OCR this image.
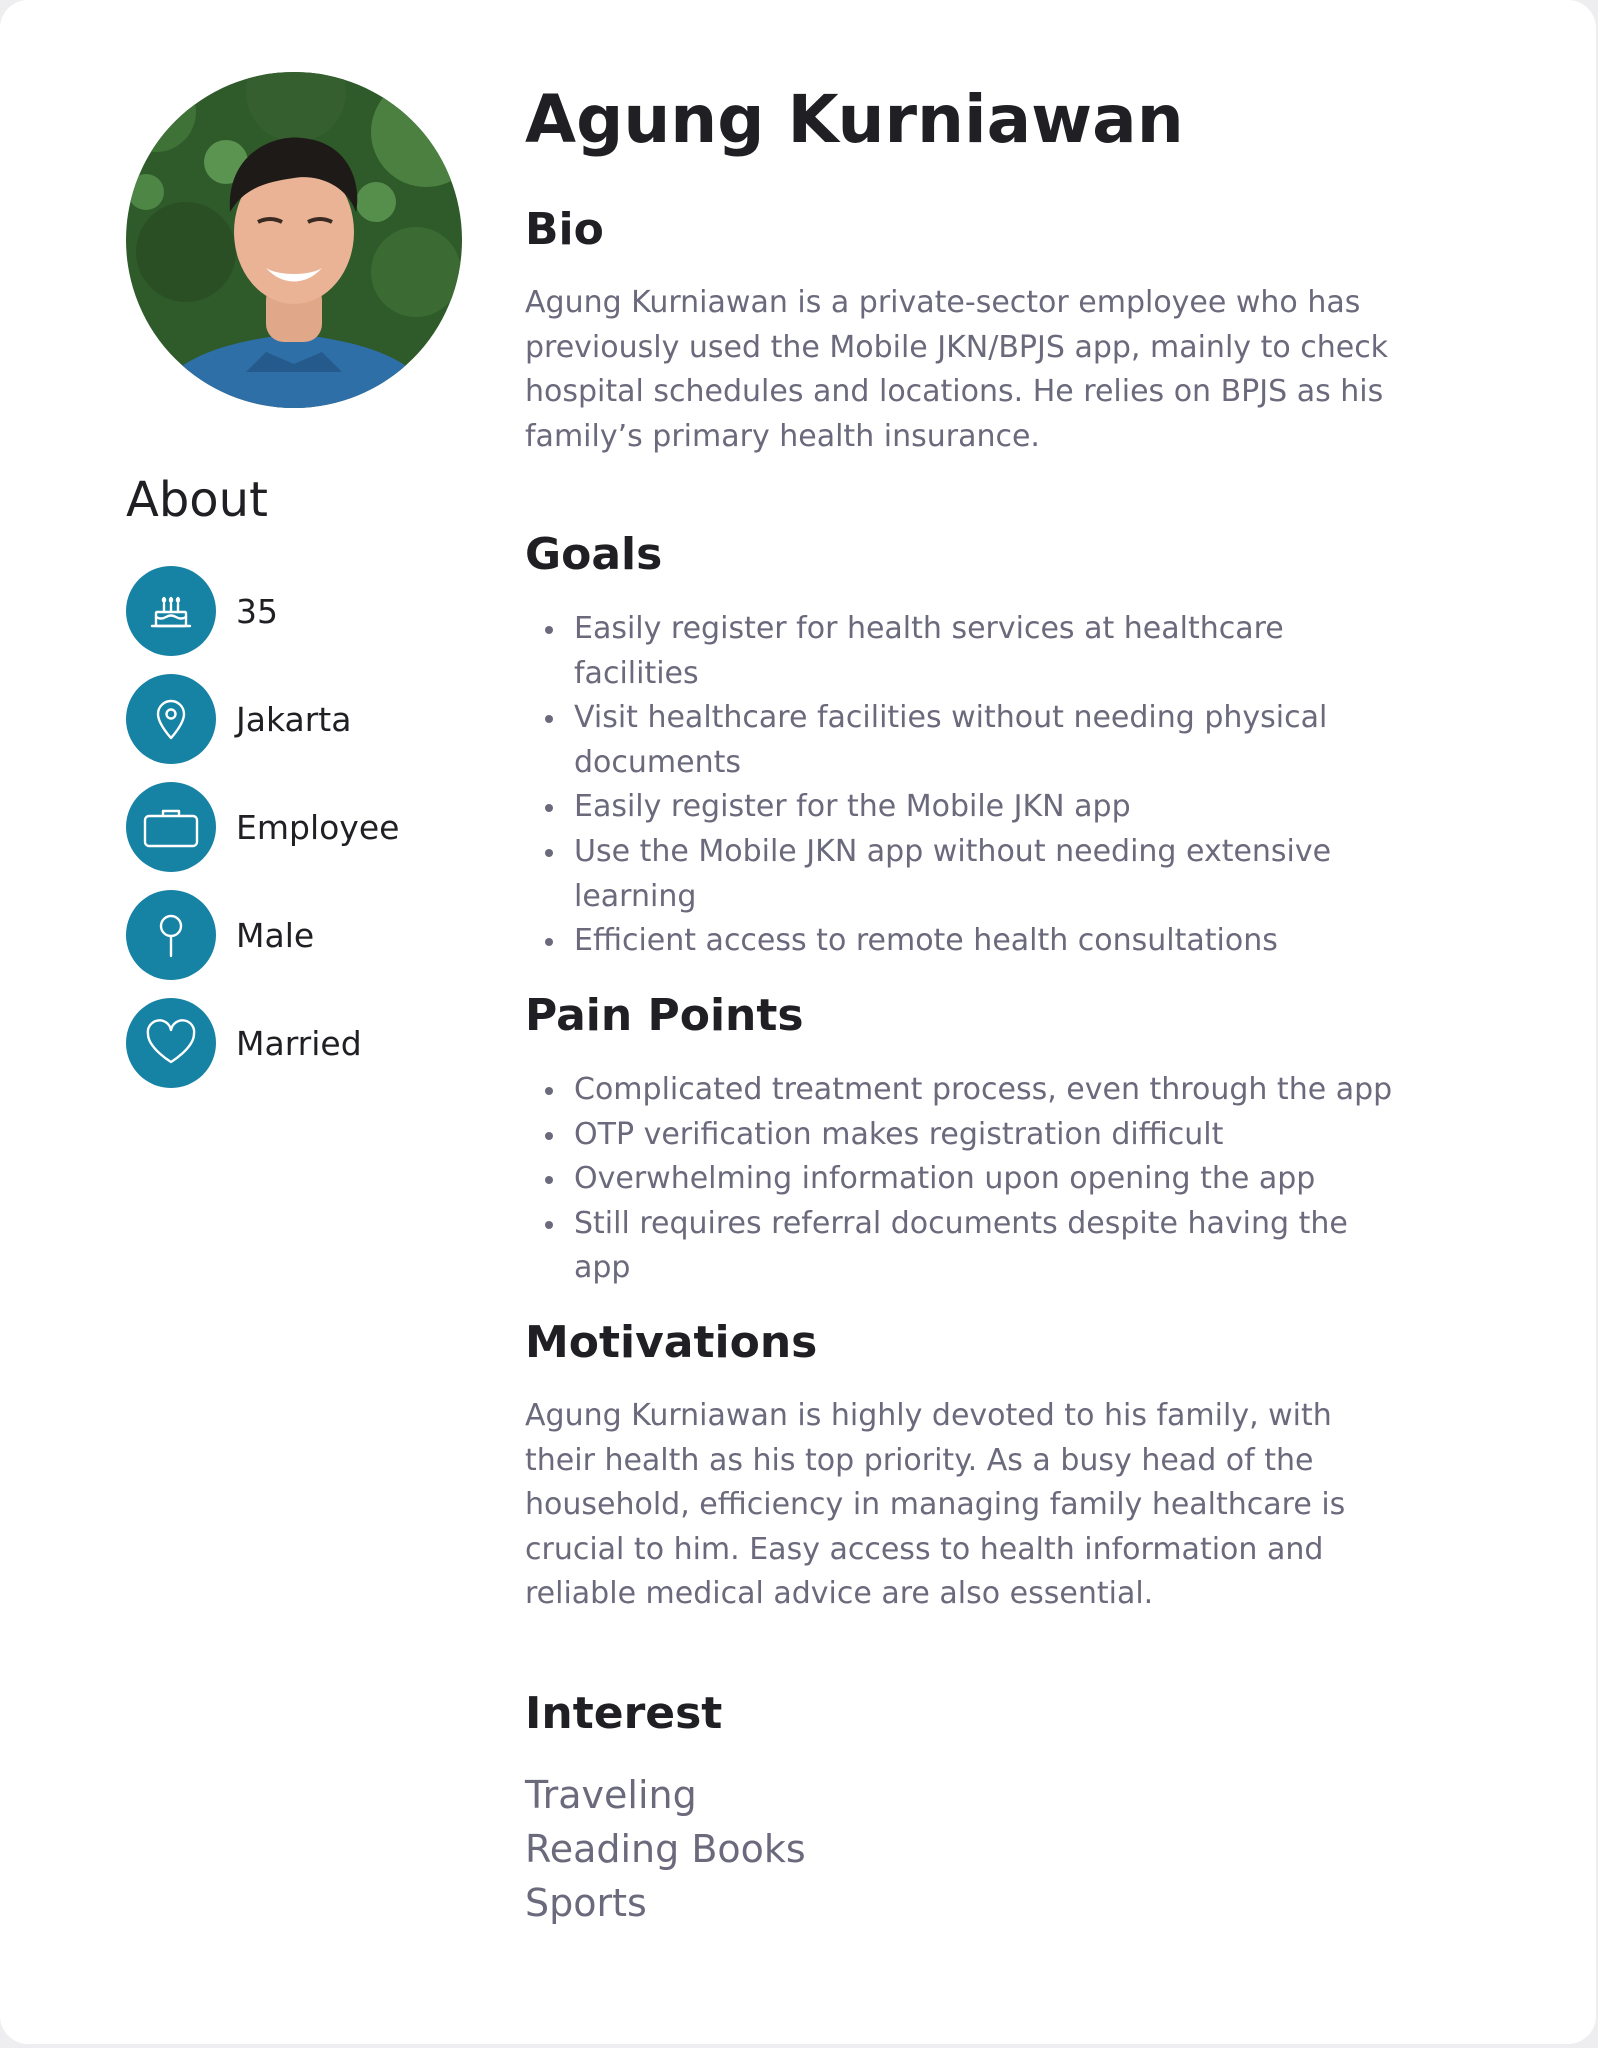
About
35
Jakarta
Employee
Male
Married
Agung Kurniawan
Bio

Agung Kurniawan is a private-sector employee who has previously used the Mobile JKN/BPJS app, mainly to check hospital schedules and locations. He relies on BPJS as his family’s primary health insurance.

Goals
Easily register for health services at healthcare facilities
Visit healthcare facilities without needing physical documents
Easily register for the Mobile JKN app
Use the Mobile JKN app without needing extensive learning
Efficient access to remote health consultations
Pain Points
Complicated treatment process, even through the app
OTP verification makes registration difficult
Overwhelming information upon opening the app
Still requires referral documents despite having the app
Motivations

Agung Kurniawan is highly devoted to his family, with their health as his top priority. As a busy head of the household, efficiency in managing family healthcare is crucial to him. Easy access to health information and reliable medical advice are also essential.

Interest

Traveling

Reading Books

Sports
